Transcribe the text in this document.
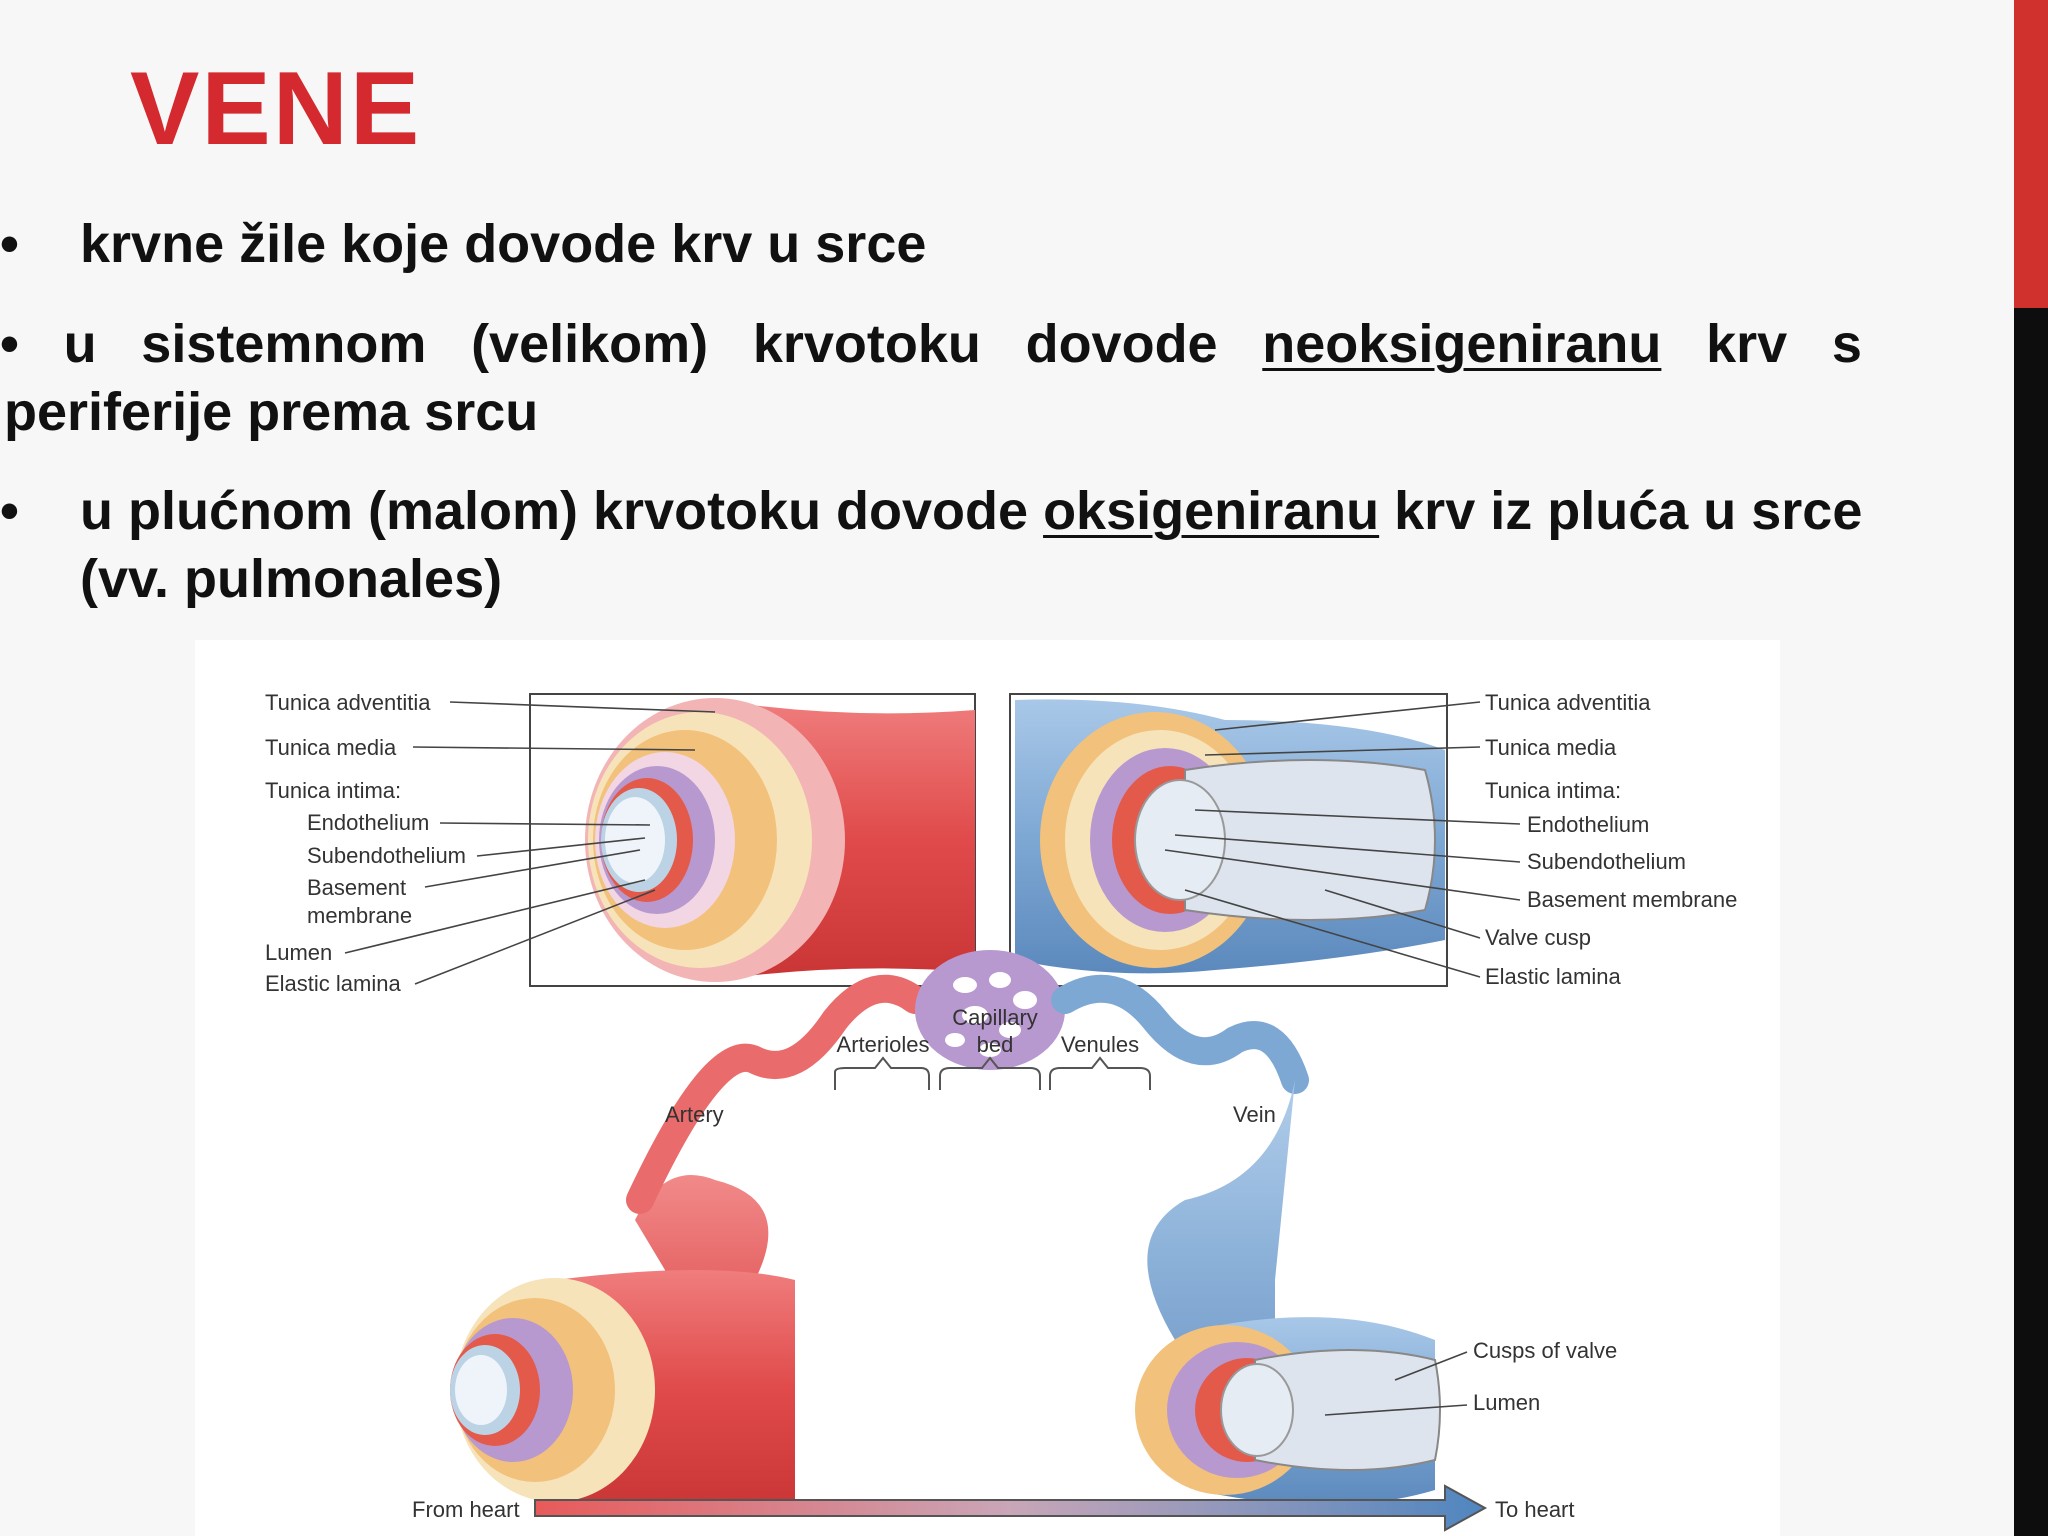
VENE
•	krvne žile koje dovode krv u srce
• u sistemnom (velikom) krvotoku dovode neoksigeniranu krv s
periferije prema srcu
•	u plućnom (malom) krvotoku dovode oksigeniranu krv iz pluća u srce
(vv. pulmonales)
Tunica adventitia
Tunica media
Tunica intima:
Endothelium
Subendothelium
Basement
membrane
Lumen
Elastic lamina
Tunica adventitia
Tunica media
Tunica intima:
Endothelium
Subendothelium
Basement membrane
Valve cusp
Elastic lamina
Capillary
bed
Arterioles	Venules
Artery	Vein
Cusps of valve
Lumen
From heart	To heart
